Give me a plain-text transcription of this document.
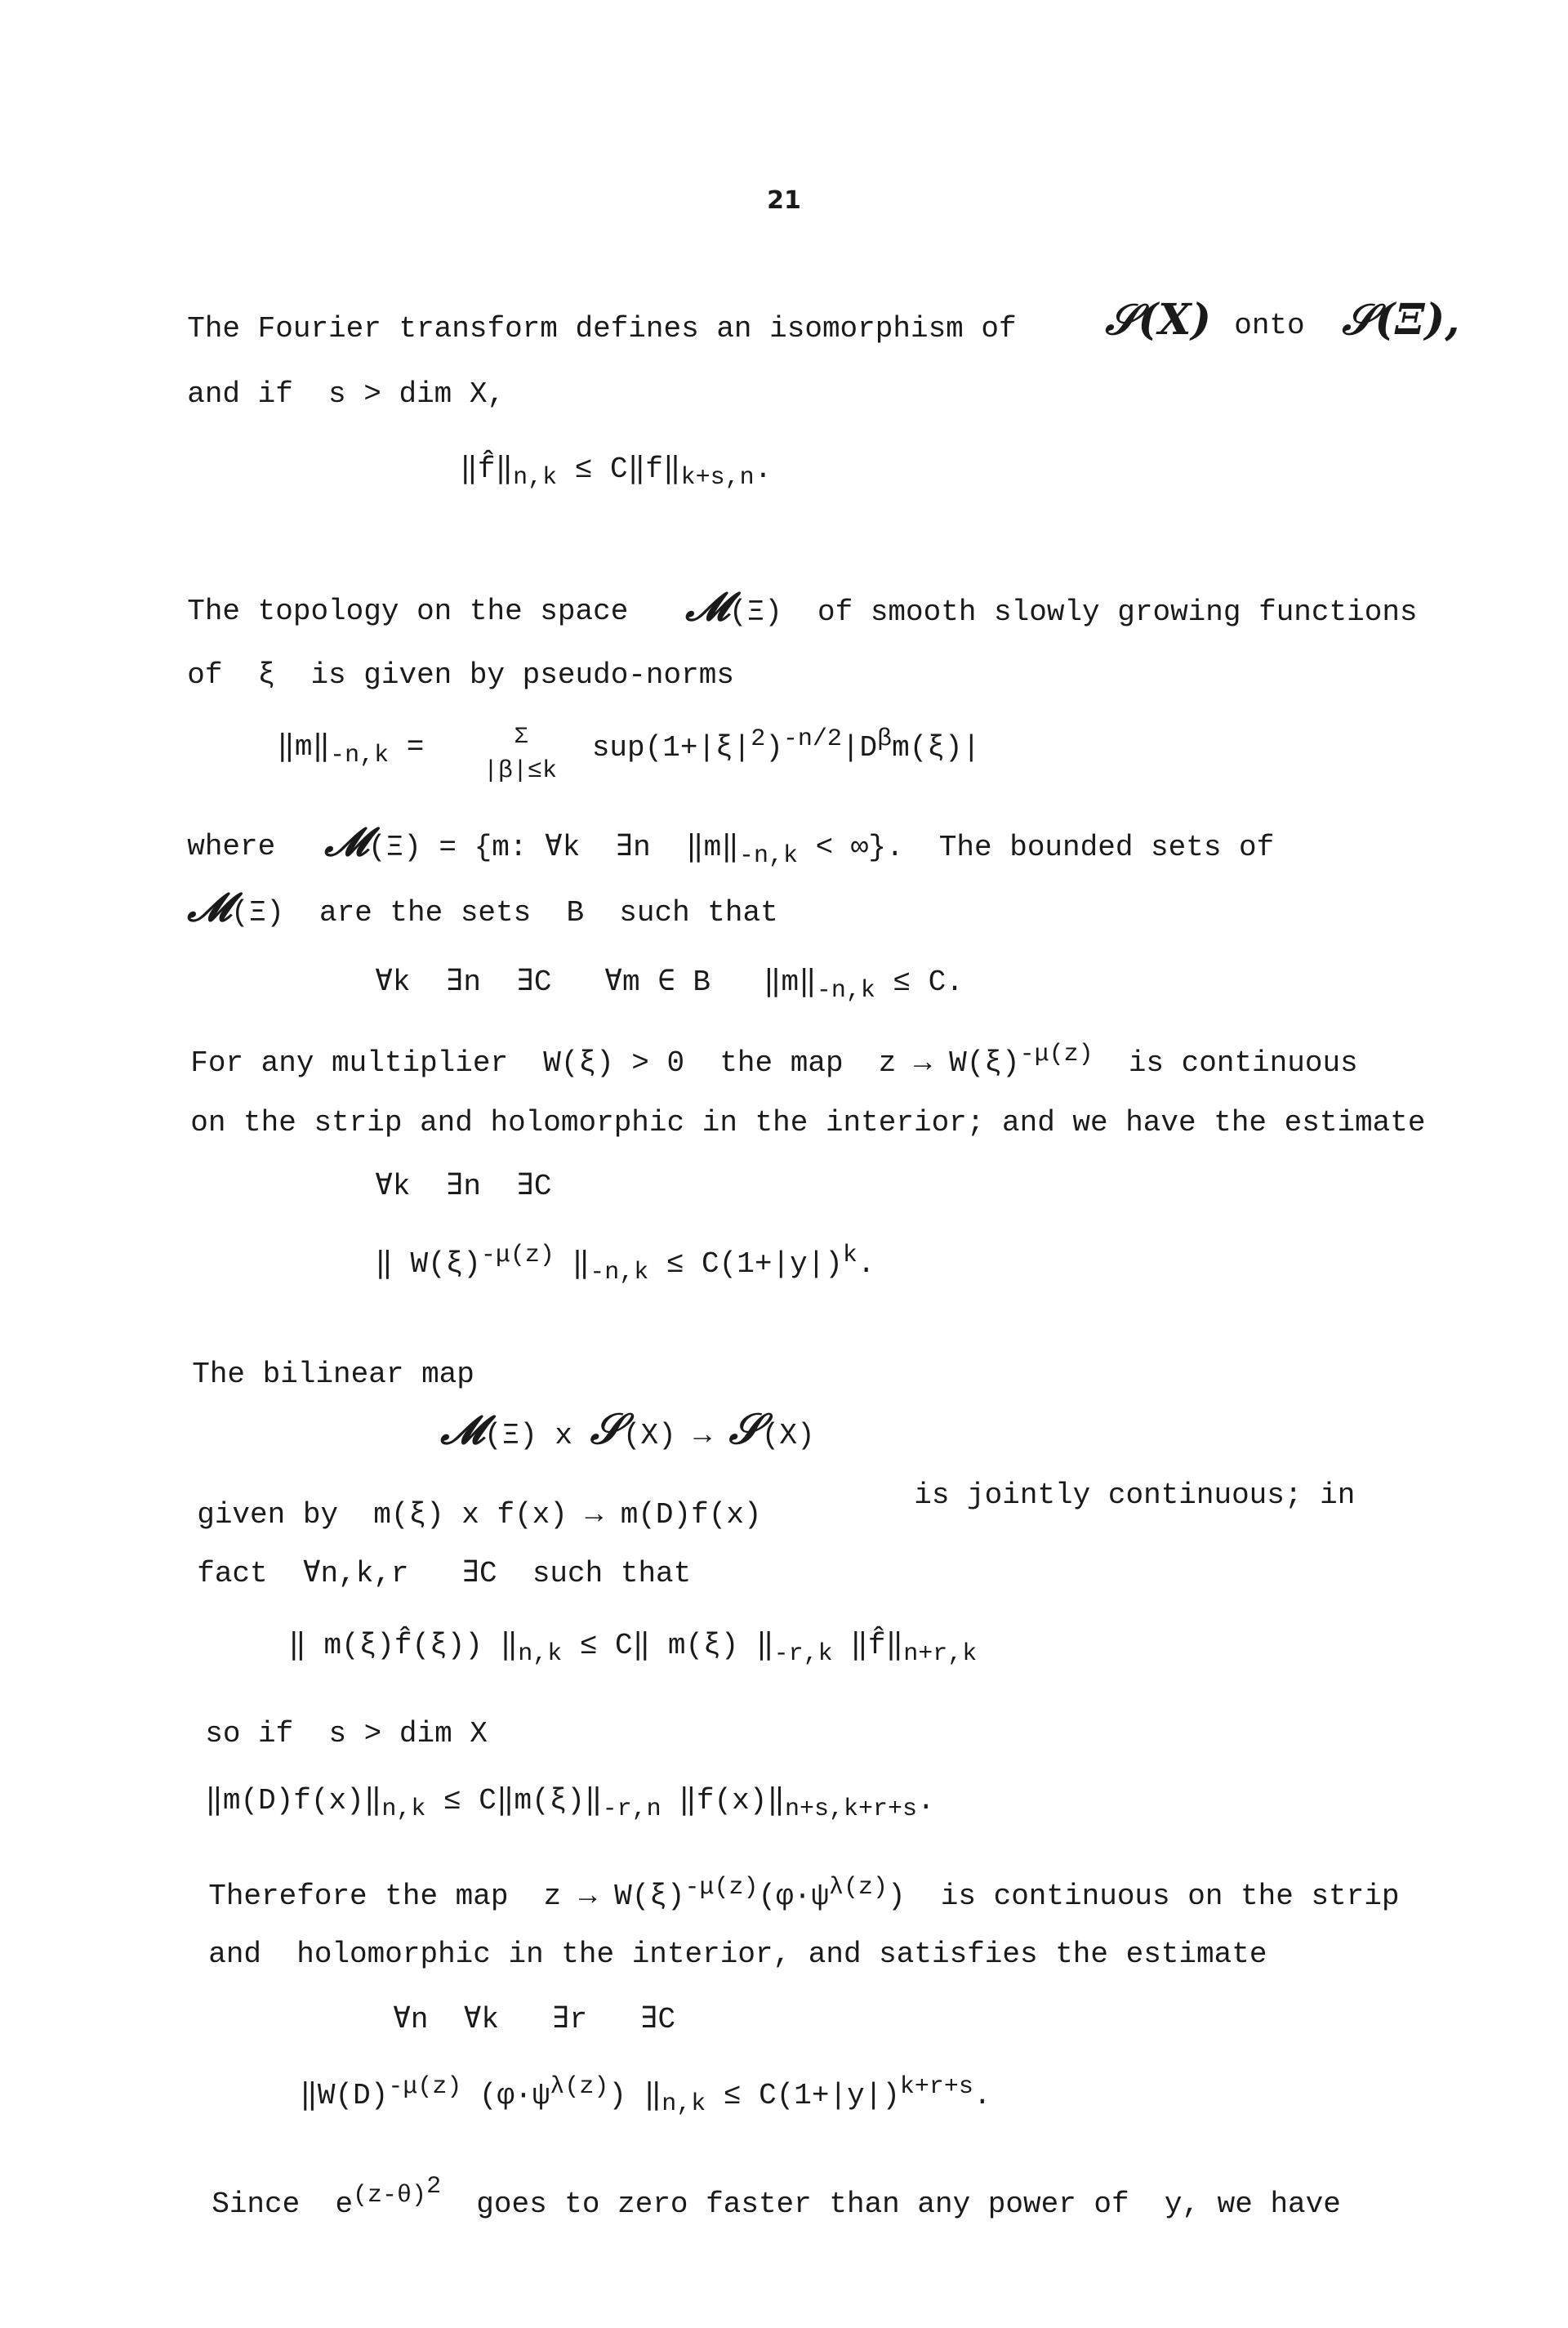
21

The Fourier transform defines an isomorphism of	𝒮(X) onto 𝒮(Ξ),

and if  s > dim X,

$‖f̂‖_{n,k}$ ≤ $C‖f‖_{k+s,n}$.

The topology on the space	𝓜(Ξ)  of smooth slowly growing functions

of  ξ  is given by pseudo-norms

$‖m‖_{-n,k}$ =	Σ

|β|≤k

$sup(1+|\xi|^2)^{-n/2}|D^\beta m(\xi)|$

where	𝓜(Ξ) = {m: ∀k  ∃n  $‖m‖_{-n,k}$ < ∞}.  The bounded sets of

𝓜(Ξ)  are the sets  B  such that

∀k  ∃n  ∃C   ∀m ∈ B   $‖m‖_{-n,k} \le C$.

For any multiplier  W(ξ) > 0  the map  $z \to W(\xi)^{-\mu(z)}$  is continuous

on the strip and holomorphic in the interior; and we have the estimate

∀k  ∃n  ∃C

‖ $W(\xi)^{-\mu(z)}$ $‖_{-n,k} \le C(1+|y|)^k$.

The bilinear map

𝓜(Ξ) x 𝒮(X) → 𝒮(X)

given by  m(ξ) x f(x) → m(D)f(x)

is jointly continuous; in

fact  ∀n,k,r   ∃C  such that

‖ m(ξ)f̂(ξ)) $‖_{n,k}$ ≤ C‖ m(ξ) $‖_{-r,k}$ $‖f̂‖_{n+r,k}$

so if  s > dim X

$‖m(D)f(x)‖_{n,k}$ ≤ $C‖m(\xi)‖_{-r,n}$ $‖f(x)‖_{n+s,k+r+s}$.

Therefore the map  $z \to W(\xi)^{-\mu(z)}(\varphi\cdot\psi^{\lambda(z)})$  is continuous on the strip

and  holomorphic in the interior, and satisfies the estimate

∀n  ∀k   ∃r   ∃C

$‖W(D)^{-\mu(z)}$ $(\varphi\cdot\psi^{\lambda(z)})$ $‖_{n,k} \le C(1+|y|)^{k+r+s}$.

Since  $e^{(z-\theta)^2}$  goes to zero faster than any power of  y, we have
